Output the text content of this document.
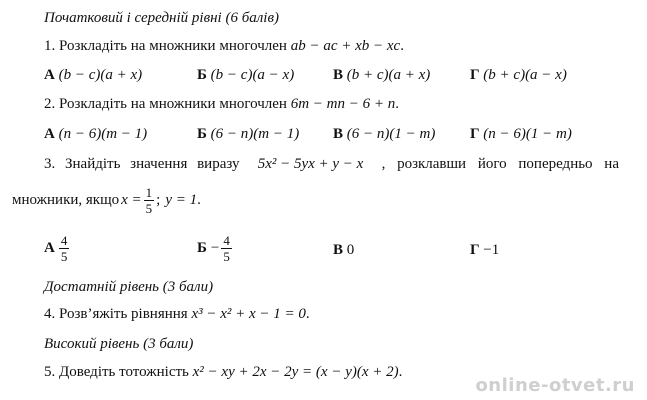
Початковий і середній рівні (6 балів)
1. Розкладіть на множники многочлен ab − ac + xb − xc.
А (b − c)(a + x)	Б (b − c)(a − x)	В (b + c)(a + x)	Г (b + c)(a − x)
2. Розкладіть на множники многочлен 6m − mn − 6 + n.
А (n − 6)(m − 1)	Б (6 − n)(m − 1) В (6 − n)(1 − m) Г (n − 6)(1 − m)
3. Знайдіть значення виразу 5x² − 5yx + y − x , розклавши його попередньо на
множники, якщо $x = \frac{1}{5}$ ; y = 1 .
А $\frac{4}{5}$	$Б - \frac{4}{5}$	В 0	Г −1
Достатній рівень (3 бали)
4. Розв’яжіть рівняння x³ − x² + x − 1 = 0.
Високий рівень (3 бали)
5. Доведіть тотожність x² − xy + 2x − 2y = (x − y)(x + 2).
online-otvet.ru
